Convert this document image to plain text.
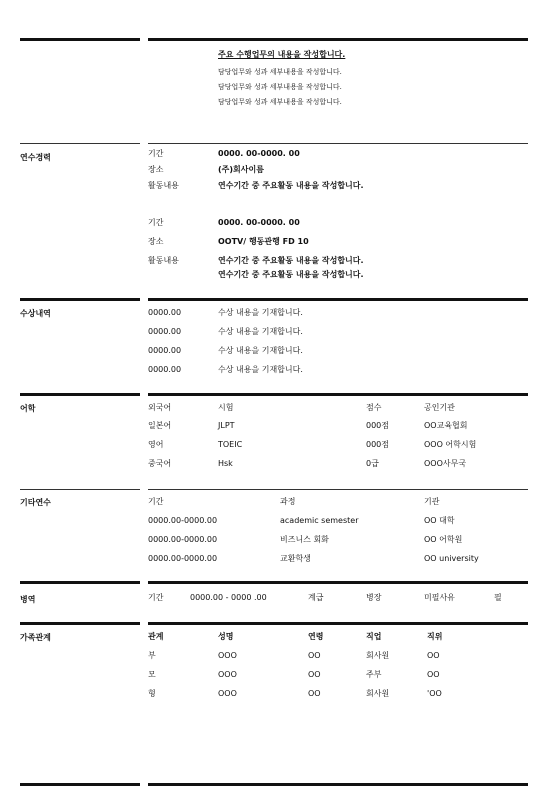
주요 수행업무의 내용을 작성합니다.
담당업무와 성과 세부내용을 작성합니다.
담당업무와 성과 세부내용을 작성합니다.
담당업무와 성과 세부내용을 작성합니다.
연수경력	기간	0000. 00-0000. 00
장소	(주)회사이름
활동내용	연수기간 중 주요활동 내용을 작성합니다.
기간	0000. 00-0000. 00
장소	OOTV/ 행동관행 FD 10
활동내용	연수기간 중 주요활동 내용을 작성합니다.
연수기간 중 주요활동 내용을 작성합니다.
수상내역	0000.00	수상 내용을 기재합니다.
0000.00	수상 내용을 기재합니다.
0000.00	수상 내용을 기재합니다.
0000.00	수상 내용을 기재합니다.
어학	외국어	시험	점수	공인기관
일본어	JLPT	000점	OO교육협회
영어	TOEIC	000점	OOO 어학시험
중국어	Hsk	0급	OOO사무국
기타연수	기간	과정	기관
0000.00-0000.00	academic semester	OO 대학
0000.00-0000.00	비즈니스 회화	OO 어학원
0000.00-0000.00	교환학생	OO university
병역	기간	0000.00 - 0000 .00	계급	병장	미필사유	필
가족관계	관계	성명	연령	직업	직위
부	OOO	OO	회사원	OO
모	OOO	OO	주부	OO
형	OOO	OO	회사원	'OO
